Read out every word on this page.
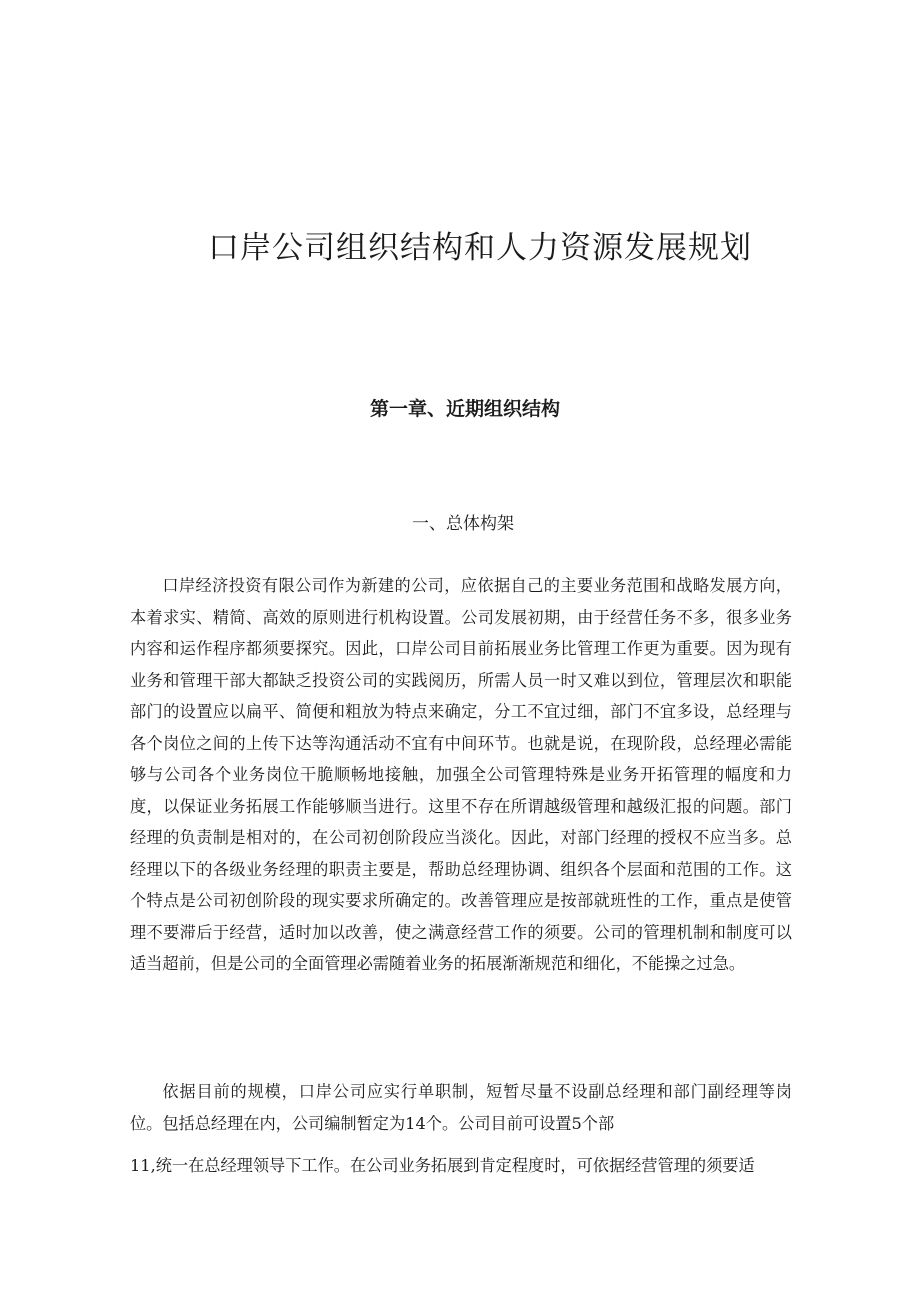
口岸公司组织结构和人力资源发展规划
第一章、近期组织结构
一、总体构架

口岸经济投资有限公司作为新建的公司，应依据自己的主要业务范围和战略发展方向，本着求实、精简、高效的原则进行机构设置。公司发展初期，由于经营任务不多，很多业务内容和运作程序都须要探究。因此，口岸公司目前拓展业务比管理工作更为重要。因为现有业务和管理干部大都缺乏投资公司的实践阅历，所需人员一时又难以到位，管理层次和职能部门的设置应以扁平、简便和粗放为特点来确定，分工不宜过细，部门不宜多设，总经理与各个岗位之间的上传下达等沟通活动不宜有中间环节。也就是说，在现阶段，总经理必需能够与公司各个业务岗位干脆顺畅地接触，加强全公司管理特殊是业务开拓管理的幅度和力度，以保证业务拓展工作能够顺当进行。这里不存在所谓越级管理和越级汇报的问题。部门经理的负责制是相对的，在公司初创阶段应当淡化。因此，对部门经理的授权不应当多。总经理以下的各级业务经理的职责主要是，帮助总经理协调、组织各个层面和范围的工作。这个特点是公司初创阶段的现实要求所确定的。改善管理应是按部就班性的工作，重点是使管理不要滞后于经营，适时加以改善，使之满意经营工作的须要。公司的管理机制和制度可以适当超前，但是公司的全面管理必需随着业务的拓展渐渐规范和细化，不能操之过急。

依据目前的规模，口岸公司应实行单职制，短暂尽量不设副总经理和部门副经理等岗位。包括总经理在内，公司编制暂定为14个。公司目前可设置5个部

11,统一在总经理领导下工作。在公司业务拓展到肯定程度时，可依据经营管理的须要适
